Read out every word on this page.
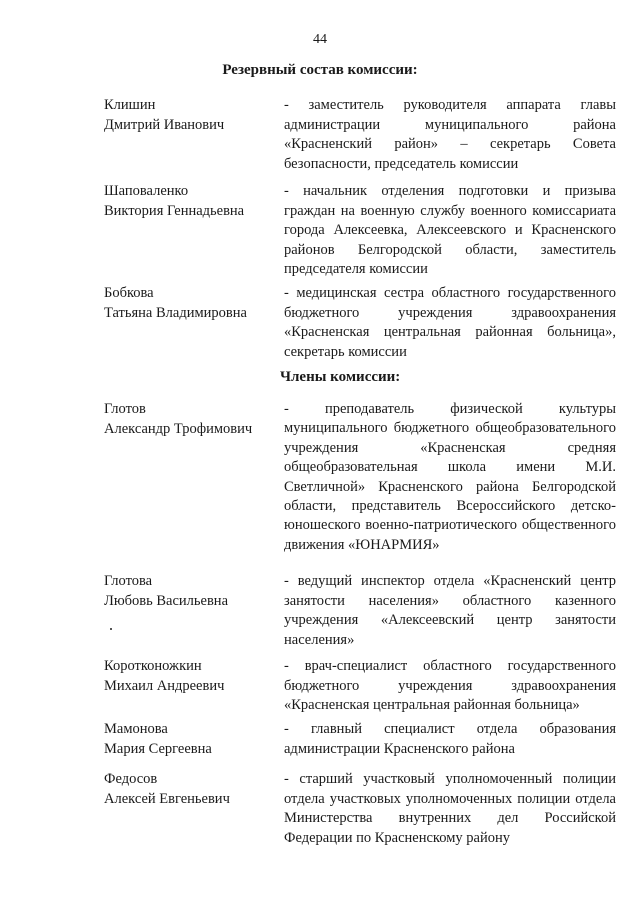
44
Резервный состав комиссии:
Клишин
Дмитрий Иванович
- заместитель руководителя аппарата главы администрации муниципального района «Красненский район» – секретарь Совета безопасности, председатель комиссии
Шаповаленко
Виктория Геннадьевна
- начальник отделения подготовки и призыва граждан на военную службу военного комиссариата города Алексеевка, Алексеевского и Красненского районов Белгородской области, заместитель председателя комиссии
Бобкова
Татьяна Владимировна
- медицинская сестра областного государственного бюджетного учреждения здравоохранения «Красненская центральная районная больница», секретарь комиссии
Члены комиссии:
Глотов
Александр Трофимович
- преподаватель физической культуры муниципального бюджетного общеобразовательного учреждения «Красненская средняя общеобразовательная школа имени М.И. Светличной» Красненского района Белгородской области, представитель Всероссийского детско-юношеского военно-патриотического общественного движения «ЮНАРМИЯ»
Глотова
Любовь Васильевна
- ведущий инспектор отдела «Красненский центр занятости населения» областного казенного учреждения «Алексеевский центр занятости населения»
Коротконожкин
Михаил Андреевич
- врач-специалист областного государственного бюджетного учреждения здравоохранения «Красненская центральная районная больница»
Мамонова
Мария Сергеевна
- главный специалист отдела образования администрации Красненского района
Федосов
Алексей Евгеньевич
- старший участковый уполномоченный полиции отдела участковых уполномоченных полиции отдела Министерства внутренних дел Российской Федерации по Красненскому району
